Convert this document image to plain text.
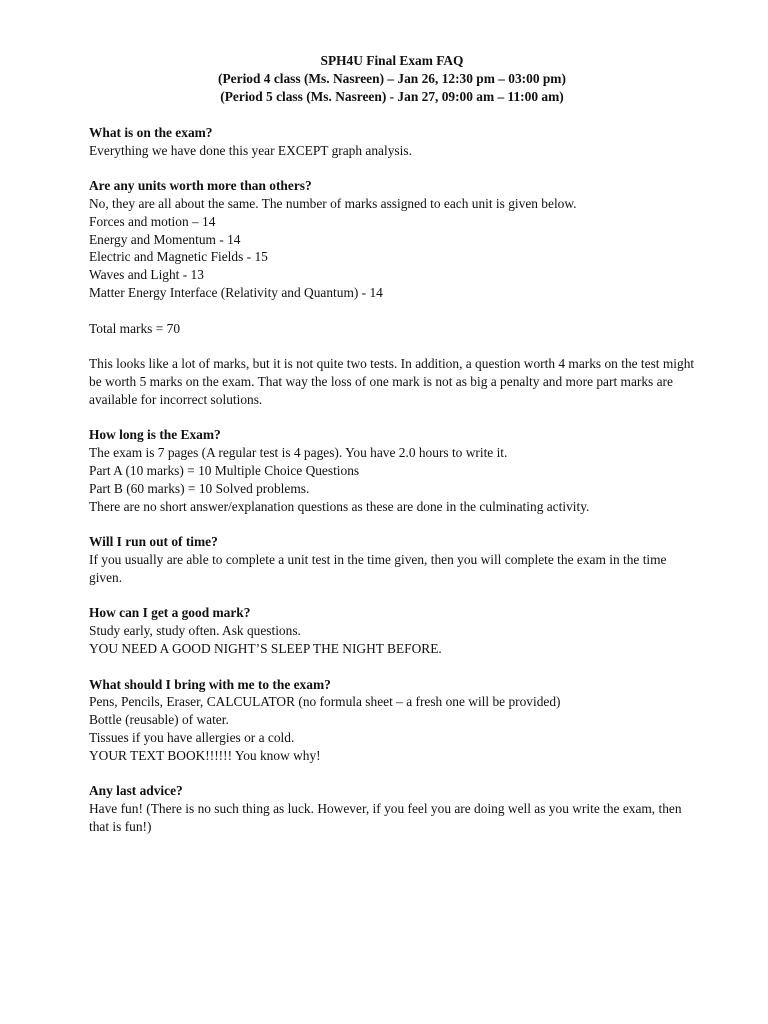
SPH4U Final Exam FAQ
(Period 4 class (Ms. Nasreen) – Jan 26, 12:30 pm – 03:00 pm)
(Period 5 class (Ms. Nasreen) - Jan 27, 09:00 am – 11:00 am)
What is on the exam?
Everything we have done this year EXCEPT graph analysis.
Are any units worth more than others?
No, they are all about the same. The number of marks assigned to each unit is given below.
Forces and motion – 14
Energy and Momentum - 14
Electric and Magnetic Fields - 15
Waves and Light - 13
Matter Energy Interface (Relativity and Quantum) - 14
Total marks = 70
This looks like a lot of marks, but it is not quite two tests. In addition, a question worth 4 marks on the test might be worth 5 marks on the exam. That way the loss of one mark is not as big a penalty and more part marks are available for incorrect solutions.
How long is the Exam?
The exam is 7 pages (A regular test is 4 pages). You have 2.0 hours to write it.
Part A (10 marks) = 10 Multiple Choice Questions
Part B (60 marks) = 10 Solved problems.
There are no short answer/explanation questions as these are done in the culminating activity.
Will I run out of time?
If you usually are able to complete a unit test in the time given, then you will complete the exam in the time given.
How can I get a good mark?
Study early, study often. Ask questions.
YOU NEED A GOOD NIGHT’S SLEEP THE NIGHT BEFORE.
What should I bring with me to the exam?
Pens, Pencils, Eraser, CALCULATOR (no formula sheet – a fresh one will be provided)
Bottle (reusable) of water.
Tissues if you have allergies or a cold.
YOUR TEXT BOOK!!!!!! You know why!
Any last advice?
Have fun! (There is no such thing as luck. However, if you feel you are doing well as you write the exam, then that is fun!)
